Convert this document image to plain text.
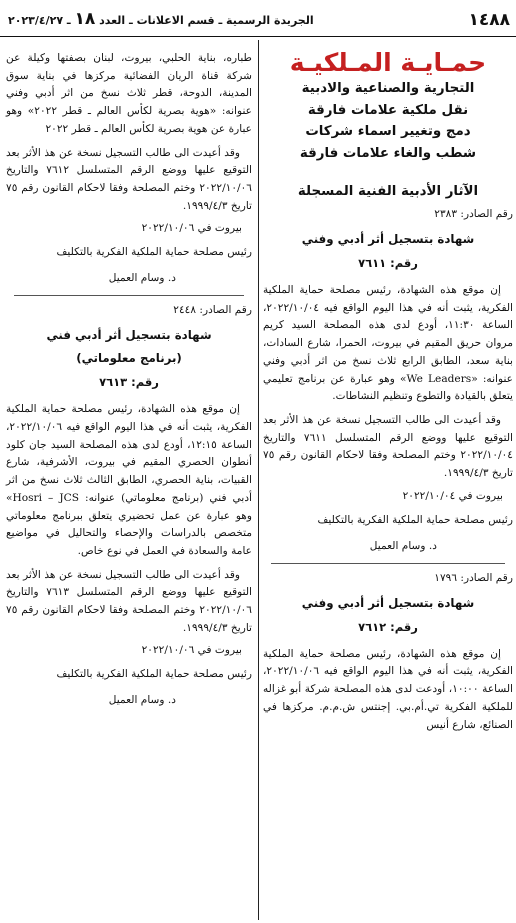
١٤٨٨
الجريدة الرسمية ـ قسم الاعلانات ـ العدد ١٨ ـ ٢٠٢٣/٤/٢٧
حمـايـة المـلكيـة
التجارية والصناعية والادبية
نقل ملكية علامات فارقة
دمج وتغيير اسماء شركات
شطب والغاء علامات فارقة
الآثار الأدبية الفنية المسجلة

رقم الصادر: ٢٣٨٣

شهادة بتسجيل أثر أدبي وفني

رقم: ٧٦١١

إن موقع هذه الشهادة، رئيس مصلحة حماية الملكية الفكرية، يثبت أنه في هذا اليوم الواقع فيه ٢٠٢٢/١٠/٠٤، الساعة ١١:٣٠، أودع لدى هذه المصلحة السيد كريم مروان حريق المقيم في بيروت، الحمرا، شارع السادات، بناية سعد، الطابق الرابع ثلاث نسخ من اثر أدبي وفني عنوانه: «We Leaders» وهو عبارة عن برنامج تعليمي يتعلق بالقيادة والتطوع وتنظيم النشاطات.

وقد أعيدت الى طالب التسجيل نسخة عن هذ الأثر بعد التوقيع عليها ووضع الرقم المتسلسل ٧٦١١ والتاريخ ٢٠٢٢/١٠/٠٤ وختم المصلحة وفقا لاحكام القانون رقم ٧٥ تاريخ ١٩٩٩/٤/٣.

بيروت في ٢٠٢٢/١٠/٠٤

رئيس مصلحة حماية الملكية الفكرية بالتكليف

د. وسام العميل

رقم الصادر: ١٧٩٦

شهادة بتسجيل أثر أدبي وفني

رقم: ٧٦١٢

إن موقع هذه الشهادة، رئيس مصلحة حماية الملكية الفكرية، يثبت أنه في هذا اليوم الواقع فيه ٢٠٢٢/١٠/٠٦، الساعة ١٠:٠٠، أودعت لدى هذه المصلحة شركة أبو غزاله للملكية الفكرية تي.أم.بي. إجنتس ش.م.م. مركزها في الصنائع، شارع أنيس

طباره، بناية الحلبي، بيروت، لبنان بصفتها وكيلة عن شركة قناة الريان الفضائية مركزها في بناية سوق المدينة، الدوحة، قطر ثلاث نسخ من اثر أدبي وفني عنوانه: «هوية بصرية لكأس العالم ـ قطر ٢٠٢٢» وهو عبارة عن هوية بصرية لكأس العالم ـ قطر ٢٠٢٢

وقد أعيدت الى طالب التسجيل نسخة عن هذ الأثر بعد التوقيع عليها ووضع الرقم المتسلسل ٧٦١٢ والتاريخ ٢٠٢٢/١٠/٠٦ وختم المصلحة وفقا لاحكام القانون رقم ٧٥ تاريخ ١٩٩٩/٤/٣.

بيروت في ٢٠٢٢/١٠/٠٦

رئيس مصلحة حماية الملكية الفكرية بالتكليف

د. وسام العميل

رقم الصادر: ٢٤٤٨

شهادة بتسجيل أثر أدبي فني

(برنامج معلوماتي)

رقم: ٧٦١٣

إن موقع هذه الشهادة، رئيس مصلحة حماية الملكية الفكرية، يثبت أنه في هذا اليوم الواقع فيه ٢٠٢٢/١٠/٠٦، الساعة ١٢:١٥، أودع لدى هذه المصلحة السيد جان كلود أنطوان الحصري المقيم في بيروت، الأشرفية، شارع القبيات، بناية الحصري، الطابق الثالث ثلاث نسخ من اثر أدبي فني (برنامج معلوماتي) عنوانه: Hosri – JCS» وهو عبارة عن عمل تحضيري يتعلق ببرنامج معلوماتي متخصص بالدراسات والإحصاء والتحاليل في مواضيع عامة والسعادة في العمل في نوع خاص.

وقد أعيدت الى طالب التسجيل نسخة عن هذ الأثر بعد التوقيع عليها ووضع الرقم المتسلسل ٧٦١٣ والتاريخ ٢٠٢٢/١٠/٠٦ وختم المصلحة وفقا لاحكام القانون رقم ٧٥ تاريخ ١٩٩٩/٤/٣.

بيروت في ٢٠٢٢/١٠/٠٦

رئيس مصلحة حماية الملكية الفكرية بالتكليف

د. وسام العميل
